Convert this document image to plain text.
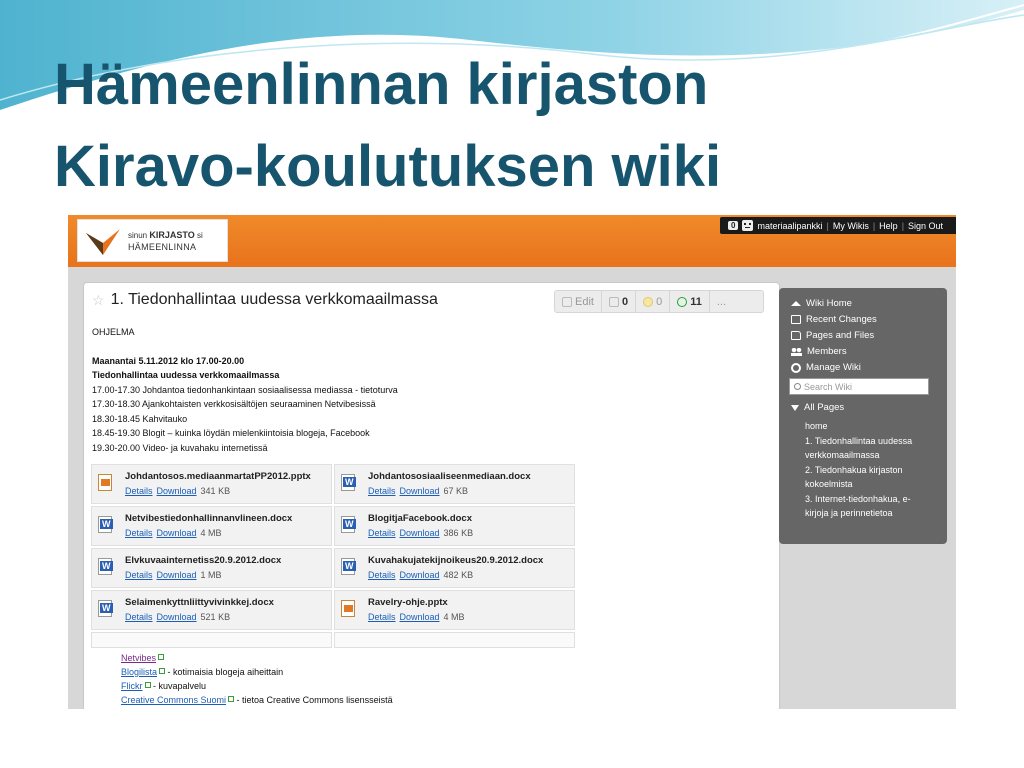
Hämeenlinnan kirjaston
Kiravo-koulutuksen wiki
sinun KIRJASTO si
HÄMEENLINNA
0	materiaalipankki | My Wikis | Help | Sign Out
☆ 1. Tiedonhallintaa uudessa verkkomaailmassa	Edit	0	0	11 ...
OHJELMA
Maanantai 5.11.2012 klo 17.00-20.00
Tiedonhallintaa uudessa verkkomaailmassa
17.00-17.30 Johdantoa tiedonhankintaan sosiaalisessa mediassa - tietoturva
17.30-18.30 Ajankohtaisten verkkosisältöjen seuraaminen Netvibesissä
18.30-18.45 Kahvitauko
18.45-19.30 Blogit – kuinka löydän mielenkiintoisia blogeja, Facebook
19.30-20.00 Video- ja kuvahaku internetissä
Johdantosos.mediaanmartatPP2012.pptx
Details Download 341 KB
W
Johdantososiaaliseenmediaan.docx
Details Download 67 KB
W
Netvibestiedonhallinnanvlineen.docx
Details Download 4 MB
W
BlogitjaFacebook.docx
Details Download 386 KB
W
Elvkuvaainternetiss20.9.2012.docx
Details Download 1 MB
W
Kuvahakujatekijnoikeus20.9.2012.docx
Details Download 482 KB
W
Selaimenkyttnliittyvivinkkej.docx
Details Download 521 KB
Ravelry-ohje.pptx
Details Download 4 MB
Netvibes
Blogilista - kotimaisia blogeja aiheittain
Flickr - kuvapalvelu
Creative Commons Suomi - tietoa Creative Commons lisensseistä
Wiki Home
Recent Changes
Pages and Files
Members
Manage Wiki
Search Wiki
All Pages
home
1. Tiedonhallintaa uudessa
verkkomaailmassa
2. Tiedonhakua kirjaston
kokoelmista
3. Internet-tiedonhakua, e-
kirjoja ja perinnetietoa
